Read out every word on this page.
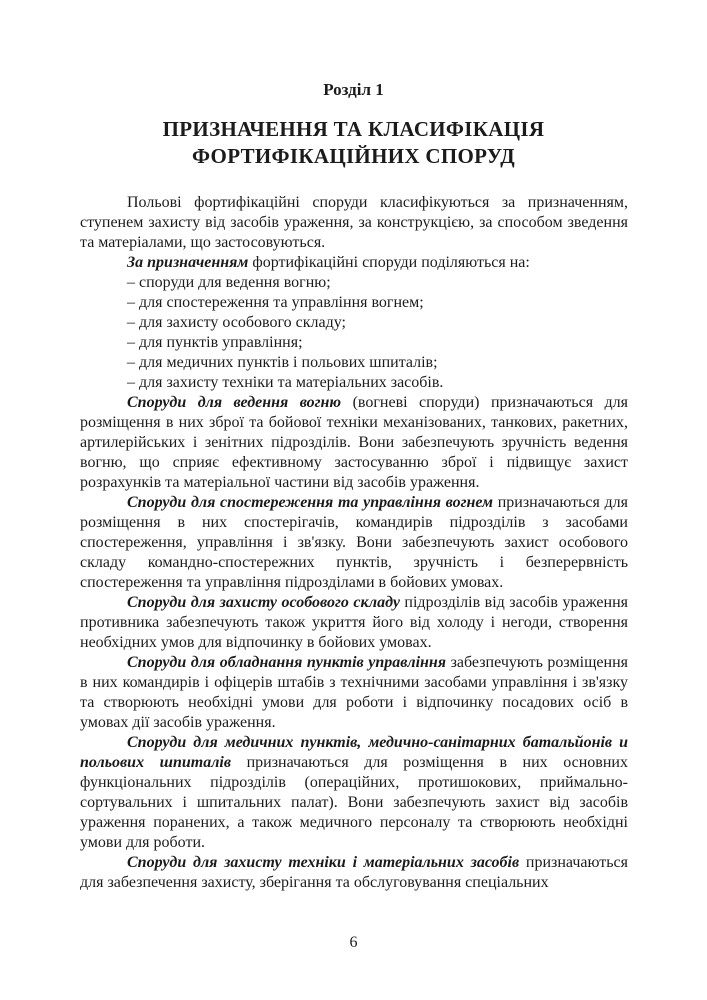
Розділ 1
ПРИЗНАЧЕННЯ ТА КЛАСИФІКАЦІЯ
ФОРТИФІКАЦІЙНИХ СПОРУД

Польові фортифікаційні споруди класифікуються за призначенням, ступенем захисту від засобів ураження, за конструкцією, за способом зведення та матеріалами, що застосовуються.

За призначенням фортифікаційні споруди поділяються на:

– споруди для ведення вогню;

– для спостереження та управління вогнем;

– для захисту особового складу;

– для пунктів управління;

– для медичних пунктів і польових шпиталів;

– для захисту техніки та матеріальних засобів.

Споруди для ведення вогню (вогневі споруди) призначаються для розміщення в них зброї та бойової техніки механізованих, танкових, ракетних, артилерійських і зенітних підрозділів. Вони забезпечують зручність ведення вогню, що сприяє ефективному застосуванню зброї і підвищує захист розрахунків та матеріальної частини від засобів ураження.

Споруди для спостереження та управління вогнем призначаються для розміщення в них спостерігачів, командирів підрозділів з засобами спостереження, управління і зв'язку. Вони забезпечують захист особового складу командно-спостережних пунктів, зручність і безперервність спостереження та управління підрозділами в бойових умовах.

Споруди для захисту особового складу підрозділів від засобів ураження противника забезпечують також укриття його від холоду і негоди, створення необхідних умов для відпочинку в бойових умовах.

Споруди для обладнання пунктів управління забезпечують розміщення в них командирів і офіцерів штабів з технічними засобами управління і зв'язку та створюють необхідні умови для роботи і відпочинку посадових осіб в умовах дії засобів ураження.

Споруди для медичних пунктів, медично-санітарних батальйонів и польових шпиталів призначаються для розміщення в них основних функціональних підрозділів (операційних, протишокових, приймально-сортувальних і шпитальних палат). Вони забезпечують захист від засобів ураження поранених, а також медичного персоналу та створюють необхідні умови для роботи.

Споруди для захисту техніки і матеріальних засобів призначаються для забезпечення захисту, зберігання та обслуговування спеціальних

6
